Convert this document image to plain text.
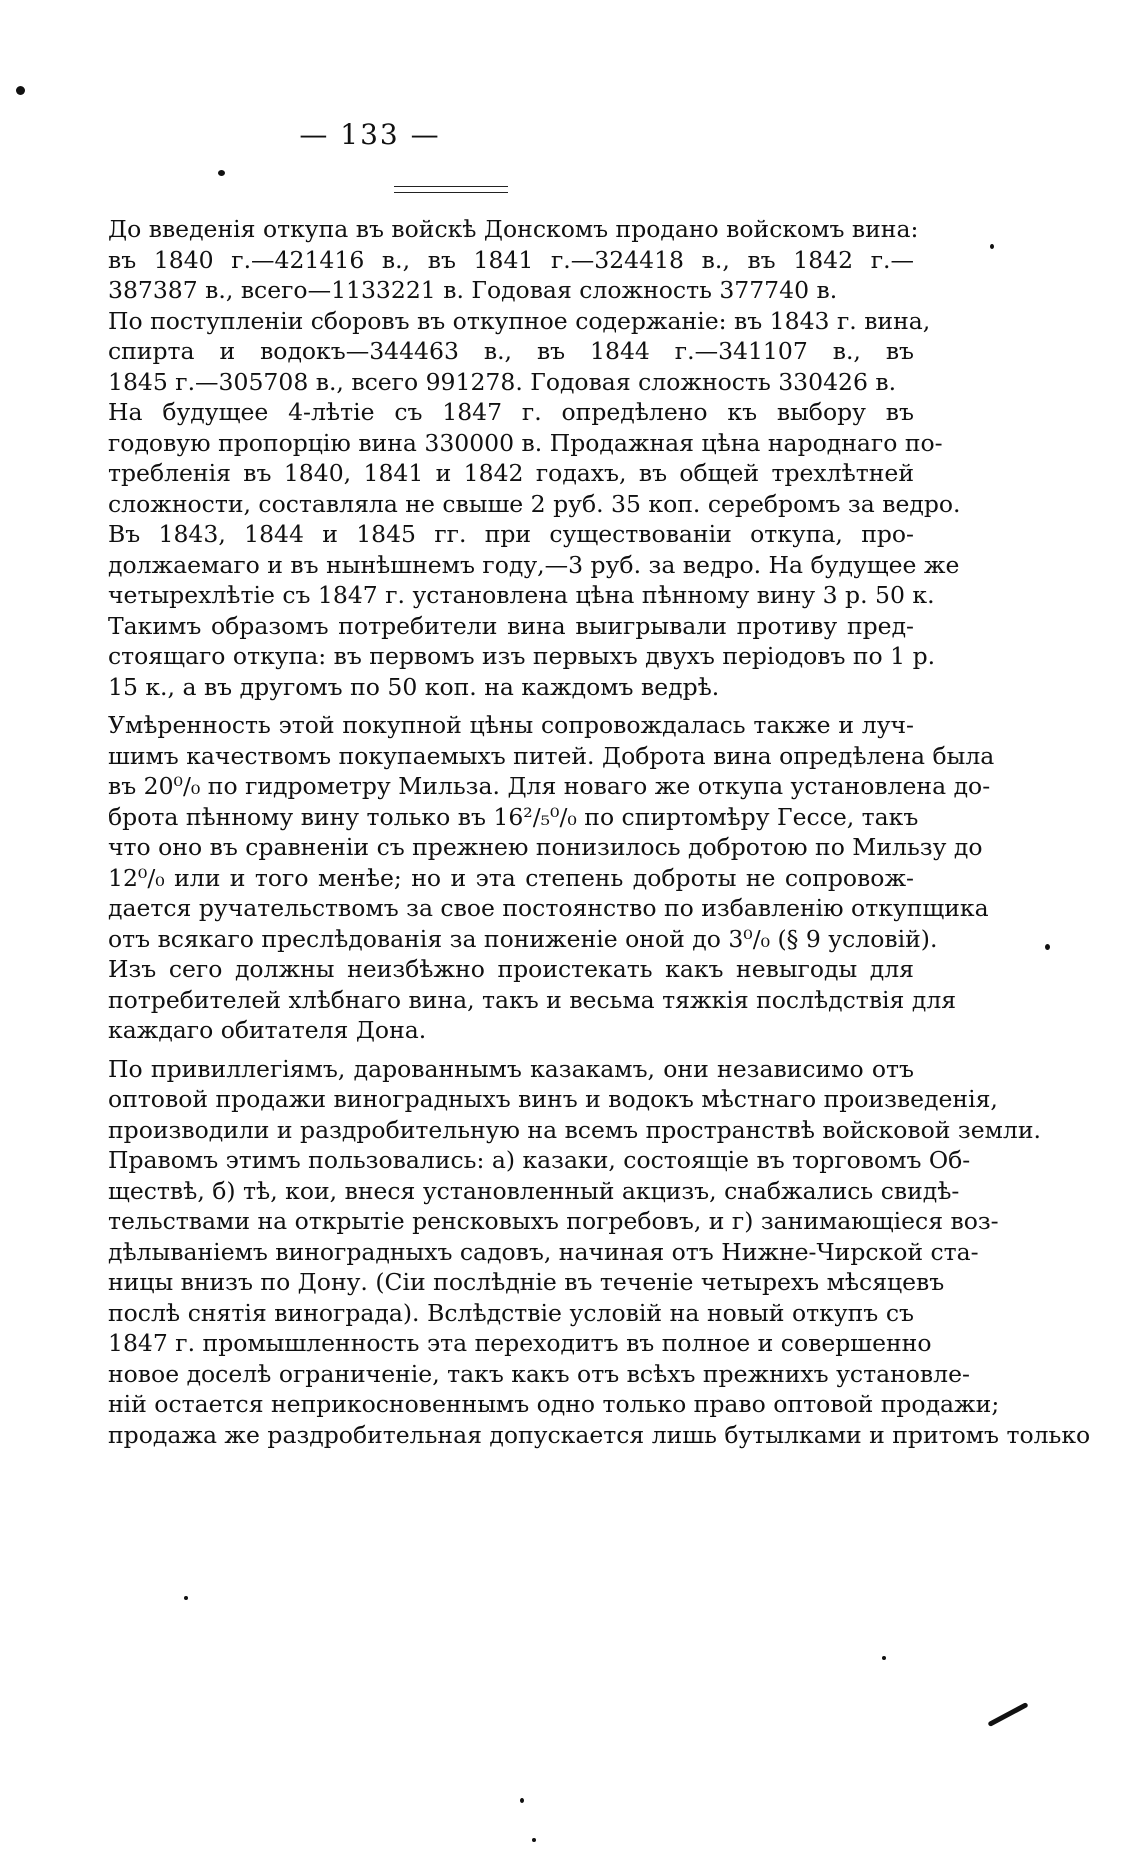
— 133 —
До введенія откупа въ войскѣ Донскомъ продано войскомъ вина:
въ 1840 г.—421416 в., въ 1841 г.—324418 в., въ 1842 г.—
387387 в., всего—1133221 в. Годовая сложность 377740 в.
По поступленіи сборовъ въ откупное содержаніе: въ 1843 г. вина,
спирта и водокъ—344463 в., въ 1844 г.—341107 в., въ
1845 г.—305708 в., всего 991278. Годовая сложность 330426 в.
На будущее 4-лѣтіе съ 1847 г. опредѣлено къ выбору въ
годовую пропорцію вина 330000 в. Продажная цѣна народнаго по-
требленія въ 1840, 1841 и 1842 годахъ, въ общей трехлѣтней
сложности, составляла не свыше 2 руб. 35 коп. серебромъ за ведро.
Въ 1843, 1844 и 1845 гг. при существованіи откупа, про-
должаемаго и въ нынѣшнемъ году,—3 руб. за ведро. На будущее же
четырехлѣтіе съ 1847 г. установлена цѣна пѣнному вину 3 р. 50 к.
Такимъ образомъ потребители вина выигрывали противу пред-
стоящаго откупа: въ первомъ изъ первыхъ двухъ періодовъ по 1 р.
15 к., а въ другомъ по 50 коп. на каждомъ ведрѣ.
Умѣренность этой покупной цѣны сопровождалась также и луч-
шимъ качествомъ покупаемыхъ питей. Доброта вина опредѣлена была
въ 20⁰/₀ по гидрометру Мильза. Для новаго же откупа установлена до-
брота пѣнному вину только въ 16²/₅⁰/₀ по спиртомѣру Гессе, такъ
что оно въ сравненіи съ прежнею понизилось добротою по Мильзу до
12⁰/₀ или и того менѣе; но и эта степень доброты не сопровож-
дается ручательствомъ за свое постоянство по избавленію откупщика
отъ всякаго преслѣдованія за пониженіе оной до 3⁰/₀ (§ 9 условій).
Изъ сего должны неизбѣжно проистекать какъ невыгоды для
потребителей хлѣбнаго вина, такъ и весьма тяжкія послѣдствія для
каждаго обитателя Дона.
По привиллегіямъ, дарованнымъ казакамъ, они независимо отъ
оптовой продажи виноградныхъ винъ и водокъ мѣстнаго произведенія,
производили и раздробительную на всемъ пространствѣ войсковой земли.
Правомъ этимъ пользовались: а) казаки, состоящіе въ торговомъ Об-
ществѣ, б) тѣ, кои, внеся установленный акцизъ, снабжались свидѣ-
тельствами на открытіе ренсковыхъ погребовъ, и г) занимающіеся воз-
дѣлываніемъ виноградныхъ садовъ, начиная отъ Нижне-Чирской ста-
ницы внизъ по Дону. (Сіи послѣдніе въ теченіе четырехъ мѣсяцевъ
послѣ снятія винограда). Вслѣдствіе условій на новый откупъ съ
1847 г. промышленность эта переходитъ въ полное и совершенно
новое доселѣ ограниченіе, такъ какъ отъ всѣхъ прежнихъ установле-
ній остается неприкосновеннымъ одно только право оптовой продажи;
продажа же раздробительная допускается лишь бутылками и притомъ только
